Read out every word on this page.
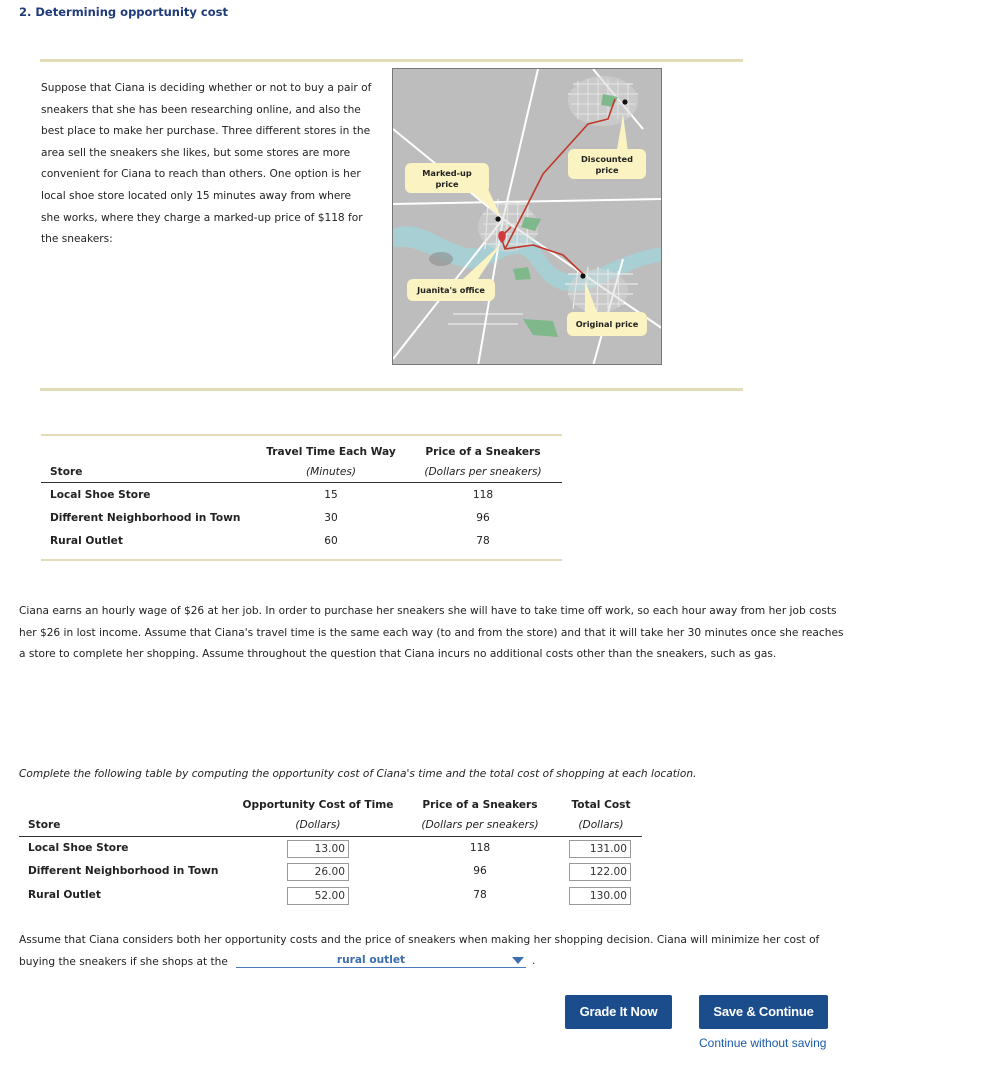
2. Determining opportunity cost
Suppose that Ciana is deciding whether or not to buy a pair of sneakers that she has been researching online, and also the best place to make her purchase. Three different stores in the area sell the sneakers she likes, but some stores are more convenient for Ciana to reach than others. One option is her local shoe store located only 15 minutes away from where she works, where they charge a marked-up price of $118 for the sneakers:
Marked-up
price
Discounted
price
Juanita's office
Original price
Travel Time Each Way	Price of a Sneakers
Store	(Minutes)	(Dollars per sneakers)
Local Shoe Store	15	118
Different Neighborhood in Town	30	96
Rural Outlet	60	78
Ciana earns an hourly wage of $26 at her job. In order to purchase her sneakers she will have to take time off work, so each hour away from her job costs her $26 in lost income. Assume that Ciana's travel time is the same each way (to and from the store) and that it will take her 30 minutes once she reaches a store to complete her shopping. Assume throughout the question that Ciana incurs no additional costs other than the sneakers, such as gas.
Complete the following table by computing the opportunity cost of Ciana's time and the total cost of shopping at each location.
Opportunity Cost of Time	Price of a Sneakers	Total Cost
Store	(Dollars)	(Dollars per sneakers)	(Dollars)
Local Shoe Store	13.00	118	131.00
Different Neighborhood in Town	26.00	96	122.00
Rural Outlet	52.00	78	130.00
Assume that Ciana considers both her opportunity costs and the price of sneakers when making her shopping decision. Ciana will minimize her cost of buying the sneakers if she shops at the	rural outlet	.
Grade It Now	Save & Continue
Continue without saving
